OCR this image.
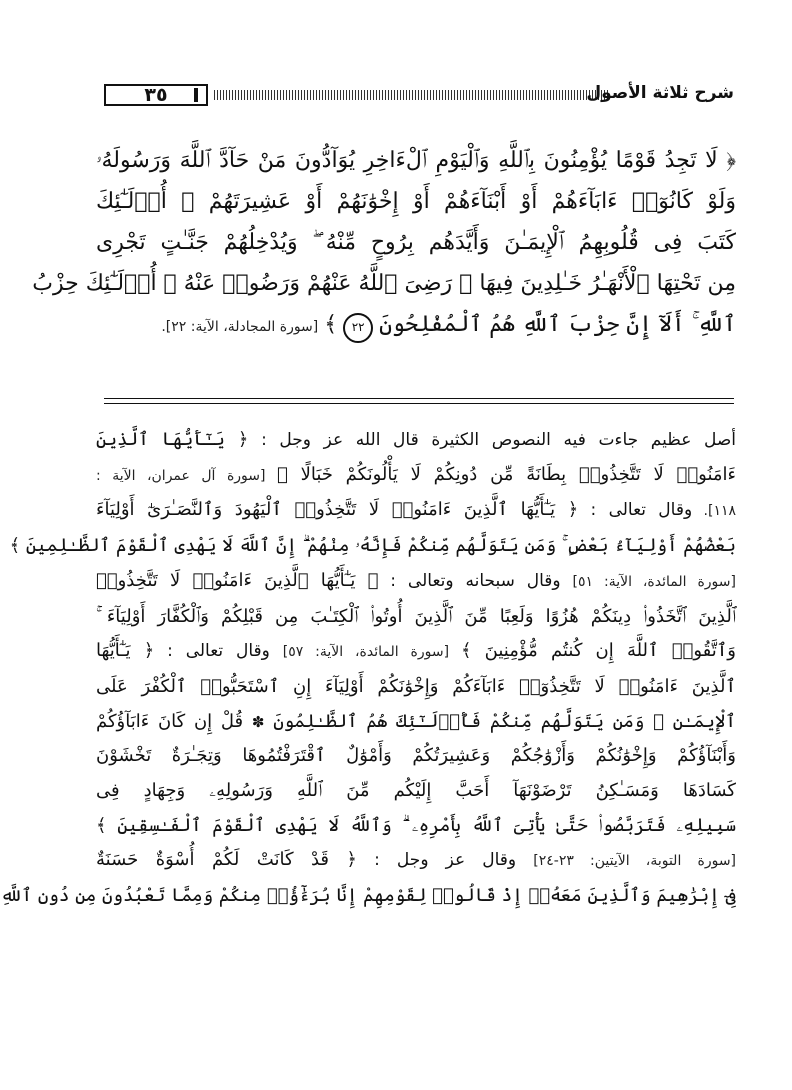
٣٥	شرح ثلاثة الأصول
﴿ لَا تَجِدُ قَوْمًا يُؤْمِنُونَ بِٱللَّهِ وَٱلْيَوْمِ ٱلْءَاخِرِ يُوَآدُّونَ مَنْ حَآدَّ ٱللَّهَ وَرَسُولَهُۥ
وَلَوْ كَانُوٓا۟ ءَابَآءَهُمْ أَوْ أَبْنَآءَهُمْ أَوْ إِخْوَٰنَهُمْ أَوْ عَشِيرَتَهُمْ ۚ أُو۟لَـٰٓئِكَ
كَتَبَ فِى قُلُوبِهِمُ ٱلْإِيمَـٰنَ وَأَيَّدَهُم بِرُوحٍ مِّنْهُ ۖ وَيُدْخِلُهُمْ جَنَّـٰتٍ تَجْرِى
مِن تَحْتِهَا ٱلْأَنْهَـٰرُ خَـٰلِدِينَ فِيهَا ۚ رَضِىَ ٱللَّهُ عَنْهُمْ وَرَضُوا۟ عَنْهُ ۚ أُو۟لَـٰٓئِكَ حِزْبُ
ٱللَّهِ ۚ أَلَآ إِنَّ حِزْبَ ٱللَّهِ هُمُ ٱلْمُفْلِحُونَ
٢٢
﴾
[سورة المجادلة، الآية: ٢٢].
أصل عظيم جاءت فيه النصوص الكثيرة قال الله عز وجل : ﴿ يَـٰٓأَيُّهَا ٱلَّذِينَ
ءَامَنُوا۟ لَا تَتَّخِذُوا۟ بِطَانَةً مِّن دُونِكُمْ لَا يَأْلُونَكُمْ خَبَالًا ﴾ [سورة آل عمران، الآية :
١١٨]. وقال تعالى : ﴿ يَـٰٓأَيُّهَا ٱلَّذِينَ ءَامَنُوا۟ لَا تَتَّخِذُوا۟ ٱلْيَهُودَ وَٱلنَّصَـٰرَىٰٓ أَوْلِيَآءَ
بَعْضُهُمْ أَوْلِيَآءُ بَعْضٍ ۚ وَمَن يَتَوَلَّهُم مِّنكُمْ فَإِنَّهُۥ مِنْهُمْ ۗ إِنَّ ٱللَّهَ لَا يَهْدِى ٱلْقَوْمَ ٱلظَّـٰلِمِينَ ﴾
[سورة المائدة، الآية: ٥١] وقال سبحانه وتعالى : ﴿ يَـٰٓأَيُّهَا ٱلَّذِينَ ءَامَنُوا۟ لَا تَتَّخِذُوا۟
ٱلَّذِينَ ٱتَّخَذُوا۟ دِينَكُمْ هُزُوًا وَلَعِبًا مِّنَ ٱلَّذِينَ أُوتُوا۟ ٱلْكِتَـٰبَ مِن قَبْلِكُمْ وَٱلْكُفَّارَ أَوْلِيَآءَ ۚ
وَٱتَّقُوا۟ ٱللَّهَ إِن كُنتُم مُّؤْمِنِينَ ﴾ [سورة المائدة، الآية: ٥٧] وقال تعالى : ﴿ يَـٰٓأَيُّهَا
ٱلَّذِينَ ءَامَنُوا۟ لَا تَتَّخِذُوٓا۟ ءَابَآءَكُمْ وَإِخْوَٰنَكُمْ أَوْلِيَآءَ إِنِ ٱسْتَحَبُّوا۟ ٱلْكُفْرَ عَلَى
ٱلْإِيمَـٰنِ ۚ وَمَن يَتَوَلَّهُم مِّنكُمْ فَأُو۟لَـٰٓئِكَ هُمُ ٱلظَّـٰلِمُونَ ✽ قُلْ إِن كَانَ ءَابَآؤُكُمْ
وَأَبْنَآؤُكُمْ وَإِخْوَٰنُكُمْ وَأَزْوَٰجُكُمْ وَعَشِيرَتُكُمْ وَأَمْوَٰلٌ ٱقْتَرَفْتُمُوهَا وَتِجَـٰرَةٌ تَخْشَوْنَ
كَسَادَهَا وَمَسَـٰكِنُ تَرْضَوْنَهَآ أَحَبَّ إِلَيْكُم مِّنَ ٱللَّهِ وَرَسُولِهِۦ وَجِهَادٍ فِى
سَبِيلِهِۦ فَتَرَبَّصُوا۟ حَتَّىٰ يَأْتِىَ ٱللَّهُ بِأَمْرِهِۦ ۗ وَٱللَّهُ لَا يَهْدِى ٱلْقَوْمَ ٱلْفَـٰسِقِينَ ﴾
[سورة التوبة، الآيتين: ٢٣-٢٤] وقال عز وجل : ﴿ قَدْ كَانَتْ لَكُمْ أُسْوَةٌ حَسَنَةٌ
فِىٓ إِبْرَٰهِيمَ وَٱلَّذِينَ مَعَهُۥٓ إِذْ قَالُوا۟ لِقَوْمِهِمْ إِنَّا بُرَءَٰٓؤُا۟ مِنكُمْ وَمِمَّا تَعْبُدُونَ مِن دُونِ ٱللَّهِ
